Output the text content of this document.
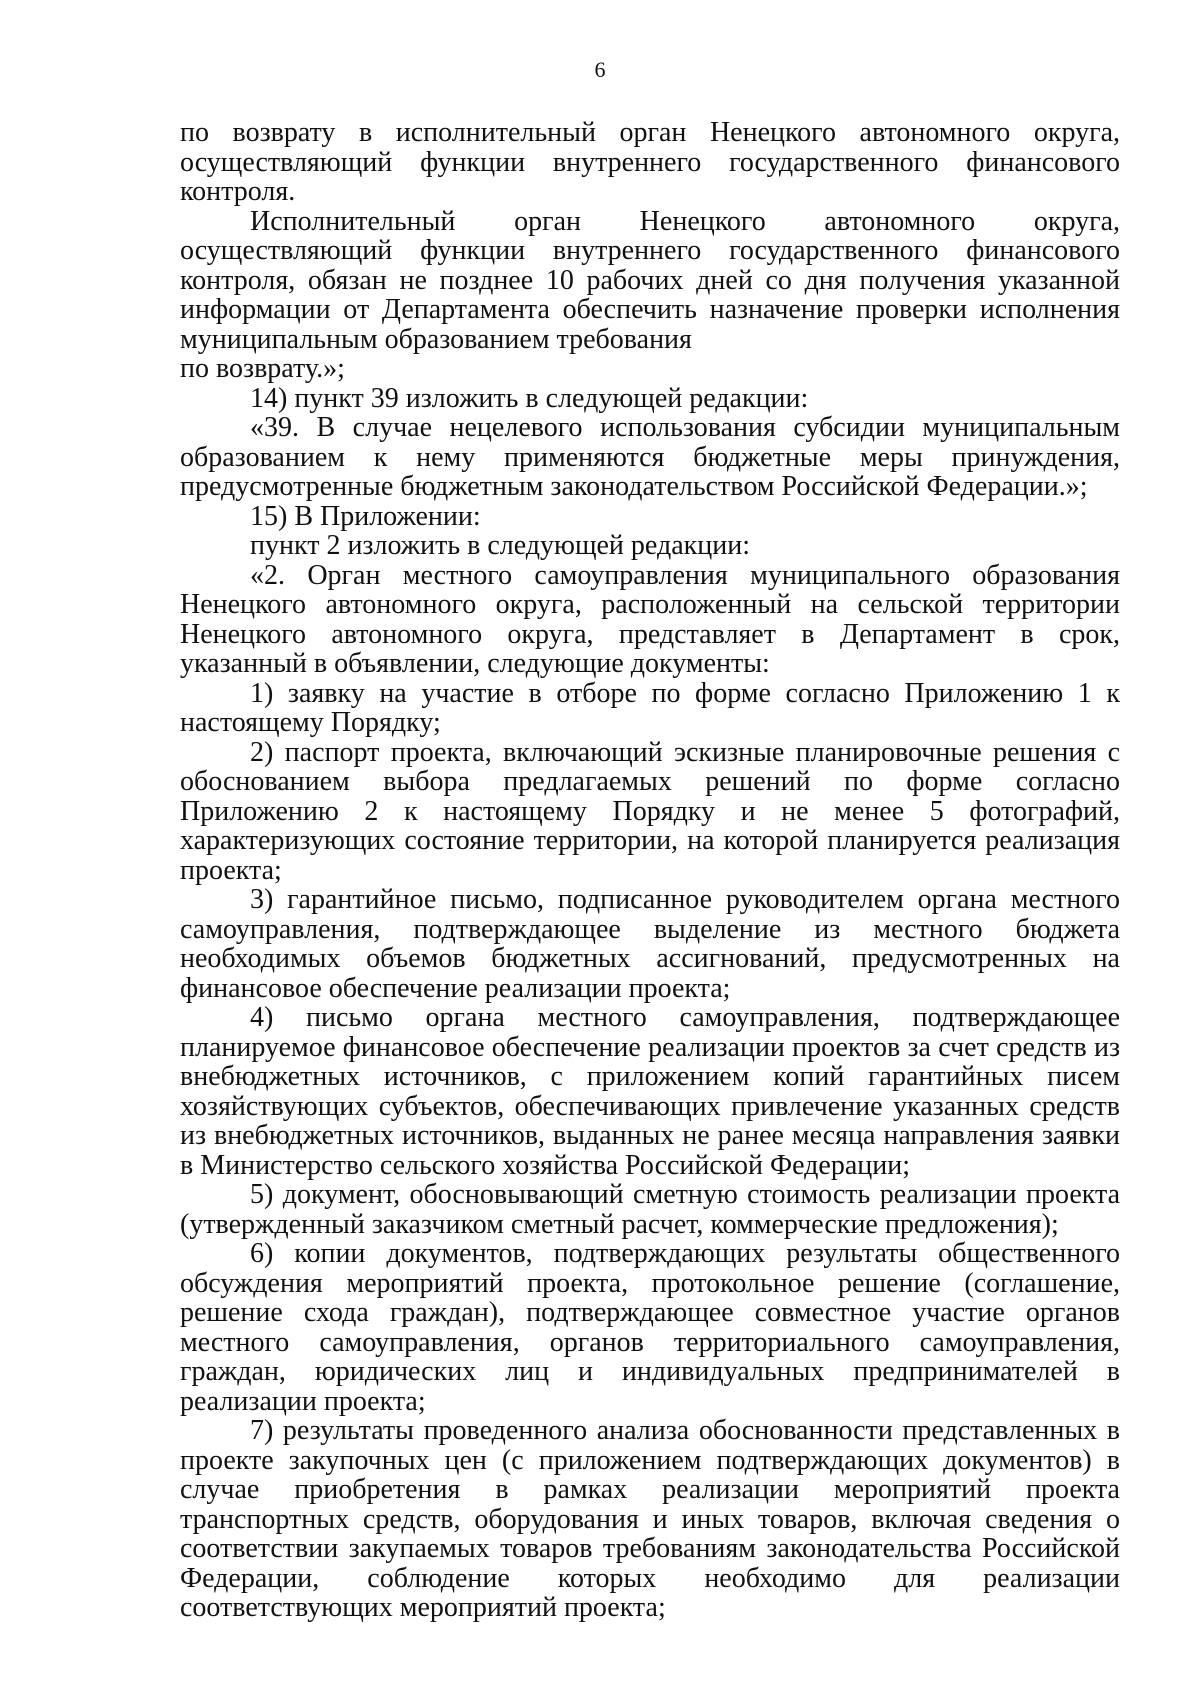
6

по возврату в исполнительный орган Ненецкого автономного округа, осуществляющий функции внутреннего государственного финансового контроля.

Исполнительный орган Ненецкого автономного округа, осуществляющий функции внутреннего государственного финансового контроля, обязан не позднее 10 рабочих дней со дня получения указанной информации от Департамента обеспечить назначение проверки исполнения муниципальным образованием требования

по возврату.»;

14) пункт 39 изложить в следующей редакции:

«39. В случае нецелевого использования субсидии муниципальным образованием к нему применяются бюджетные меры принуждения, предусмотренные бюджетным законодательством Российской Федерации.»;

15) В Приложении:

пункт 2 изложить в следующей редакции:

«2. Орган местного самоуправления муниципального образования Ненецкого автономного округа, расположенный на сельской территории Ненецкого автономного округа, представляет в Департамент в срок, указанный в объявлении, следующие документы:

1) заявку на участие в отборе по форме согласно Приложению 1 к настоящему Порядку;

2) паспорт проекта, включающий эскизные планировочные решения с обоснованием выбора предлагаемых решений по форме согласно Приложению 2 к настоящему Порядку и не менее 5 фотографий, характеризующих состояние территории, на которой планируется реализация проекта;

3) гарантийное письмо, подписанное руководителем органа местного самоуправления, подтверждающее выделение из местного бюджета необходимых объемов бюджетных ассигнований, предусмотренных на финансовое обеспечение реализации проекта;

4) письмо органа местного самоуправления, подтверждающее планируемое финансовое обеспечение реализации проектов за счет средств из внебюджетных источников, с приложением копий гарантийных писем хозяйствующих субъектов, обеспечивающих привлечение указанных средств из внебюджетных источников, выданных не ранее месяца направления заявки в Министерство сельского хозяйства Российской Федерации;

5) документ, обосновывающий сметную стоимость реализации проекта (утвержденный заказчиком сметный расчет, коммерческие предложения);

6) копии документов, подтверждающих результаты общественного обсуждения мероприятий проекта, протокольное решение (соглашение, решение схода граждан), подтверждающее совместное участие органов местного самоуправления, органов территориального самоуправления, граждан, юридических лиц и индивидуальных предпринимателей в реализации проекта;

7) результаты проведенного анализа обоснованности представленных в проекте закупочных цен (с приложением подтверждающих документов) в случае приобретения в рамках реализации мероприятий проекта транспортных средств, оборудования и иных товаров, включая сведения о соответствии закупаемых товаров требованиям законодательства Российской Федерации, соблюдение которых необходимо для реализации соответствующих мероприятий проекта;
